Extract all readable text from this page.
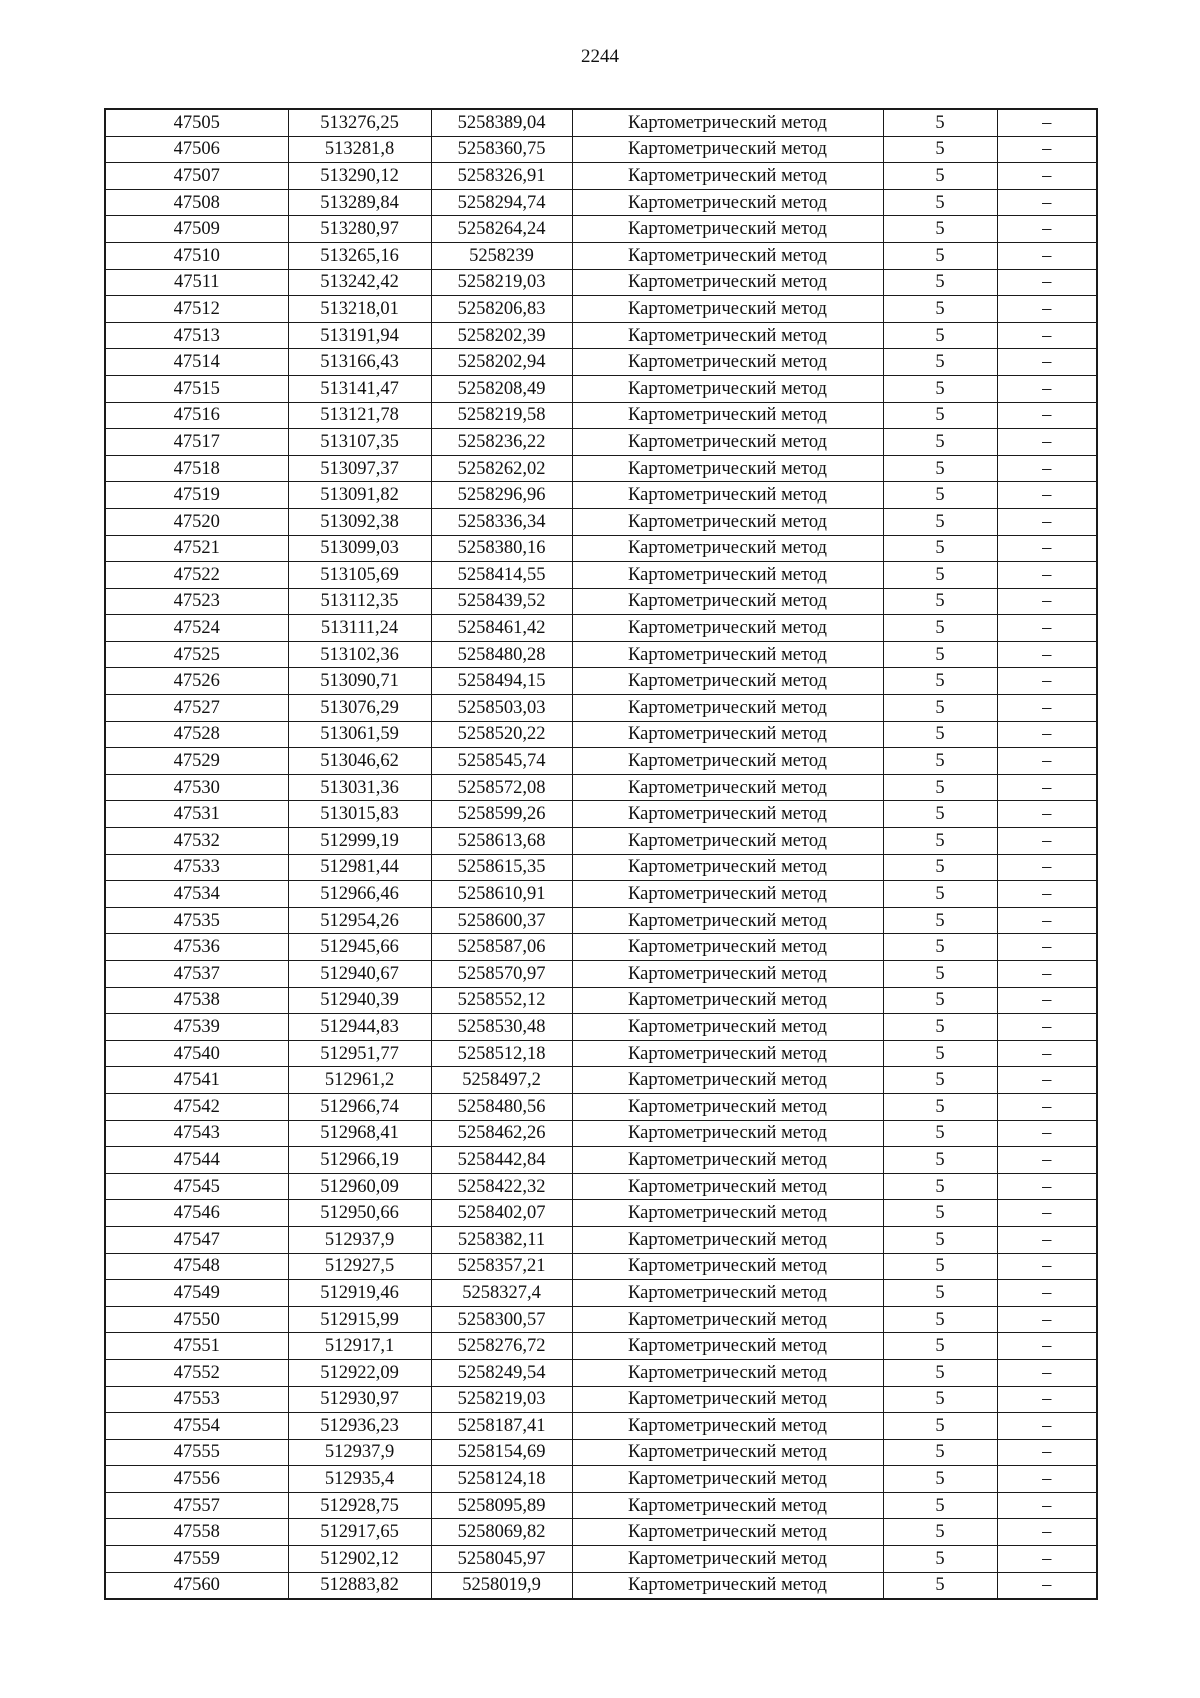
2244
47505	513276,25	5258389,04	Картометрический метод	5	–
47506	513281,8	5258360,75	Картометрический метод	5	–
47507	513290,12	5258326,91	Картометрический метод	5	–
47508	513289,84	5258294,74	Картометрический метод	5	–
47509	513280,97	5258264,24	Картометрический метод	5	–
47510	513265,16	5258239	Картометрический метод	5	–
47511	513242,42	5258219,03	Картометрический метод	5	–
47512	513218,01	5258206,83	Картометрический метод	5	–
47513	513191,94	5258202,39	Картометрический метод	5	–
47514	513166,43	5258202,94	Картометрический метод	5	–
47515	513141,47	5258208,49	Картометрический метод	5	–
47516	513121,78	5258219,58	Картометрический метод	5	–
47517	513107,35	5258236,22	Картометрический метод	5	–
47518	513097,37	5258262,02	Картометрический метод	5	–
47519	513091,82	5258296,96	Картометрический метод	5	–
47520	513092,38	5258336,34	Картометрический метод	5	–
47521	513099,03	5258380,16	Картометрический метод	5	–
47522	513105,69	5258414,55	Картометрический метод	5	–
47523	513112,35	5258439,52	Картометрический метод	5	–
47524	513111,24	5258461,42	Картометрический метод	5	–
47525	513102,36	5258480,28	Картометрический метод	5	–
47526	513090,71	5258494,15	Картометрический метод	5	–
47527	513076,29	5258503,03	Картометрический метод	5	–
47528	513061,59	5258520,22	Картометрический метод	5	–
47529	513046,62	5258545,74	Картометрический метод	5	–
47530	513031,36	5258572,08	Картометрический метод	5	–
47531	513015,83	5258599,26	Картометрический метод	5	–
47532	512999,19	5258613,68	Картометрический метод	5	–
47533	512981,44	5258615,35	Картометрический метод	5	–
47534	512966,46	5258610,91	Картометрический метод	5	–
47535	512954,26	5258600,37	Картометрический метод	5	–
47536	512945,66	5258587,06	Картометрический метод	5	–
47537	512940,67	5258570,97	Картометрический метод	5	–
47538	512940,39	5258552,12	Картометрический метод	5	–
47539	512944,83	5258530,48	Картометрический метод	5	–
47540	512951,77	5258512,18	Картометрический метод	5	–
47541	512961,2	5258497,2	Картометрический метод	5	–
47542	512966,74	5258480,56	Картометрический метод	5	–
47543	512968,41	5258462,26	Картометрический метод	5	–
47544	512966,19	5258442,84	Картометрический метод	5	–
47545	512960,09	5258422,32	Картометрический метод	5	–
47546	512950,66	5258402,07	Картометрический метод	5	–
47547	512937,9	5258382,11	Картометрический метод	5	–
47548	512927,5	5258357,21	Картометрический метод	5	–
47549	512919,46	5258327,4	Картометрический метод	5	–
47550	512915,99	5258300,57	Картометрический метод	5	–
47551	512917,1	5258276,72	Картометрический метод	5	–
47552	512922,09	5258249,54	Картометрический метод	5	–
47553	512930,97	5258219,03	Картометрический метод	5	–
47554	512936,23	5258187,41	Картометрический метод	5	–
47555	512937,9	5258154,69	Картометрический метод	5	–
47556	512935,4	5258124,18	Картометрический метод	5	–
47557	512928,75	5258095,89	Картометрический метод	5	–
47558	512917,65	5258069,82	Картометрический метод	5	–
47559	512902,12	5258045,97	Картометрический метод	5	–
47560	512883,82	5258019,9	Картометрический метод	5	–
